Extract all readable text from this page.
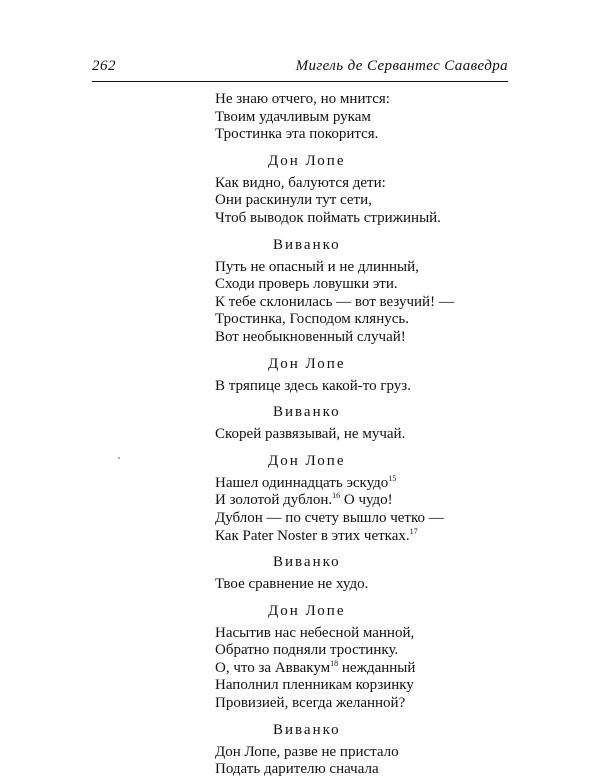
262	Мигель де Сервантес Сааведра
Не знаю отчего, но мнится:
Твоим удачливым рукам
Тростинка эта покорится.
Дон Лопе
Как видно, балуются дети:
Они раскинули тут сети,
Чтоб выводок поймать стрижиный.
Виванко
Путь не опасный и не длинный,
Сходи проверь ловушки эти.
К тебе склонилась — вот везучий! —
Тростинка, Господом клянусь.
Вот необыкновенный случай!
Дон Лопе
В тряпице здесь какой-то груз.
Виванко
Скорей развязывай, не мучай.
Дон Лопе
Нашел одиннадцать эскудо$^{15}$
И золотой дублон.$^{16}$ О чудо!
Дублон — по счету вышло четко —
Как Pater Noster в этих четках.$^{17}$
Виванко
Твое сравнение не худо.
Дон Лопе
Насытив нас небесной манной,
Обратно подняли тростинку.
О, что за Аввакум$^{18}$ нежданный
Наполнил пленникам корзинку
Провизией, всегда желанной?
Виванко
Дон Лопе, разве не пристало
Подать дарителю сначала
